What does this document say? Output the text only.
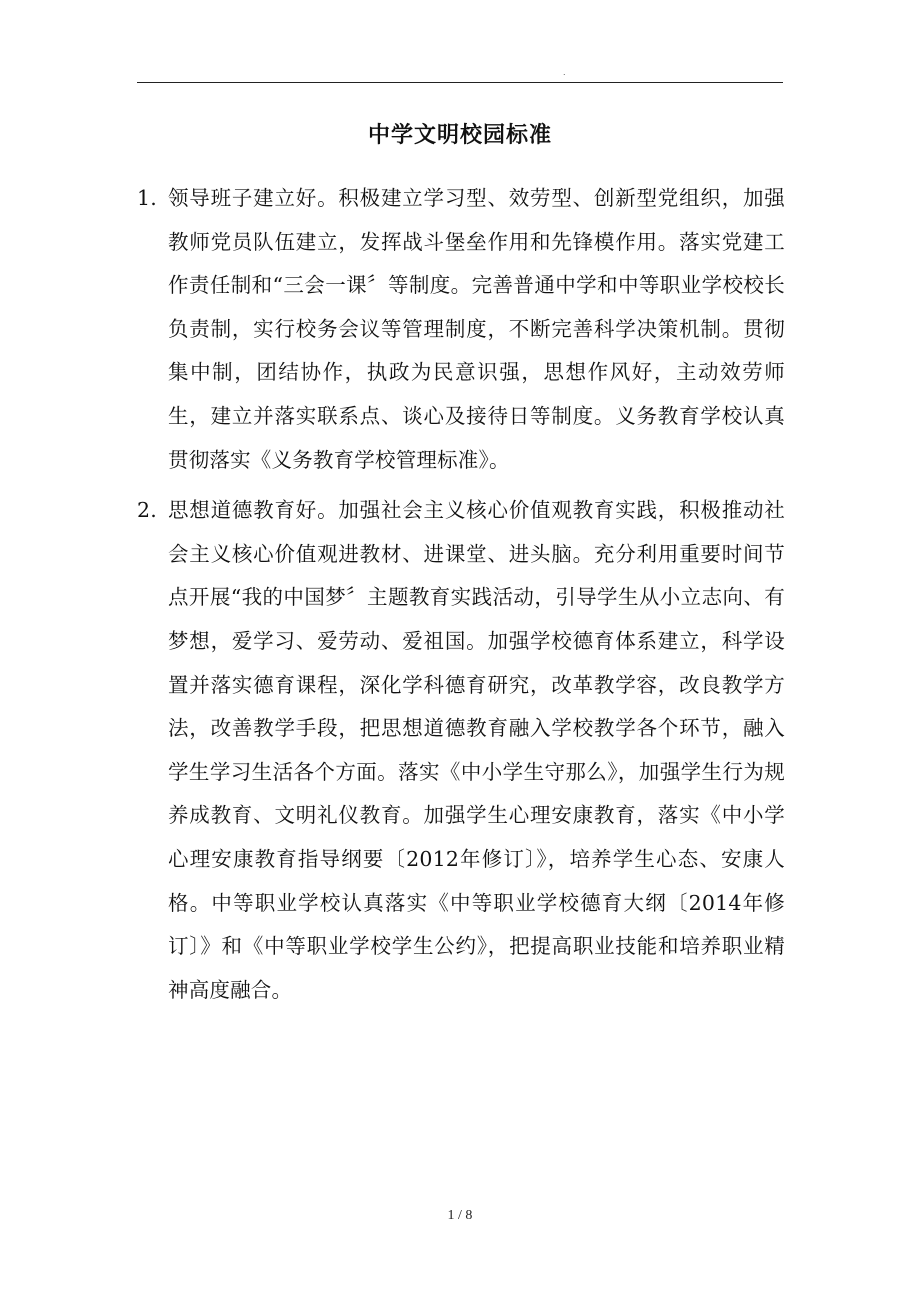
.
中学文明校园标准
1. 领导班子建立好。积极建立学习型、效劳型、创新型党组织，加强教师党员队伍建立，发挥战斗堡垒作用和先锋模作用。落实党建工作责任制和“三会一课〞等制度。完善普通中学和中等职业学校校长负责制，实行校务会议等管理制度，不断完善科学决策机制。贯彻集中制，团结协作，执政为民意识强，思想作风好，主动效劳师生，建立并落实联系点、谈心及接待日等制度。义务教育学校认真贯彻落实《义务教育学校管理标准》。
2. 思想道德教育好。加强社会主义核心价值观教育实践，积极推动社会主义核心价值观进教材、进课堂、进头脑。充分利用重要时间节点开展“我的中国梦〞主题教育实践活动，引导学生从小立志向、有梦想，爱学习、爱劳动、爱祖国。加强学校德育体系建立，科学设置并落实德育课程，深化学科德育研究，改革教学容，改良教学方法，改善教学手段，把思想道德教育融入学校教学各个环节，融入学生学习生活各个方面。落实《中小学生守那么》，加强学生行为规养成教育、文明礼仪教育。加强学生心理安康教育，落实《中小学心理安康教育指导纲要〔2012年修订〕》，培养学生心态、安康人格。中等职业学校认真落实《中等职业学校德育大纲〔2014年修订〕》和《中等职业学校学生公约》，把提高职业技能和培养职业精神高度融合。
1 / 8
